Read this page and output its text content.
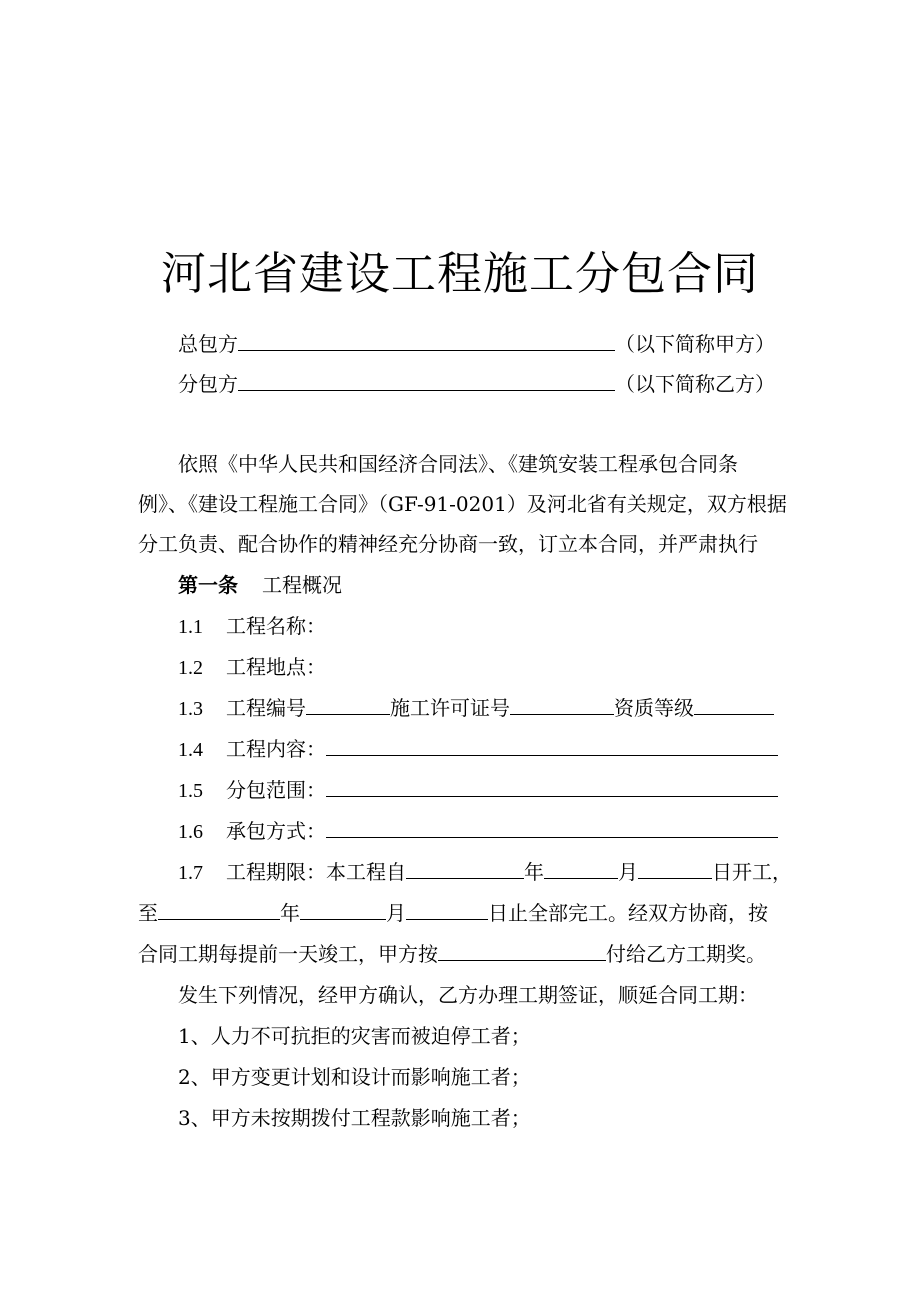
河北省建设工程施工分包合同
总包方	（以下简称甲方）
分包方	（以下简称乙方）
依照《中华人民共和国经济合同法》、《建筑安装工程承包合同条
例》、《建设工程施工合同》（GF-91-0201）及河北省有关规定，双方根据
分工负责、配合协作的精神经充分协商一致，订立本合同，并严肃执行
第一条 工程概况
1.1 工程名称：
1.2 工程地点：
1.3 工程编号	施工许可证号	资质等级
1.4 工程内容：
1.5 分包范围：
1.6 承包方式：
1.7 工程期限：本工程自	年	月	日开工，
至	年	月	日止全部完工。经双方协商，按
合同工期每提前一天竣工，甲方按	付给乙方工期奖。
发生下列情况，经甲方确认，乙方办理工期签证，顺延合同工期：
1、人力不可抗拒的灾害而被迫停工者；
2、甲方变更计划和设计而影响施工者；
3、甲方未按期拨付工程款影响施工者；
